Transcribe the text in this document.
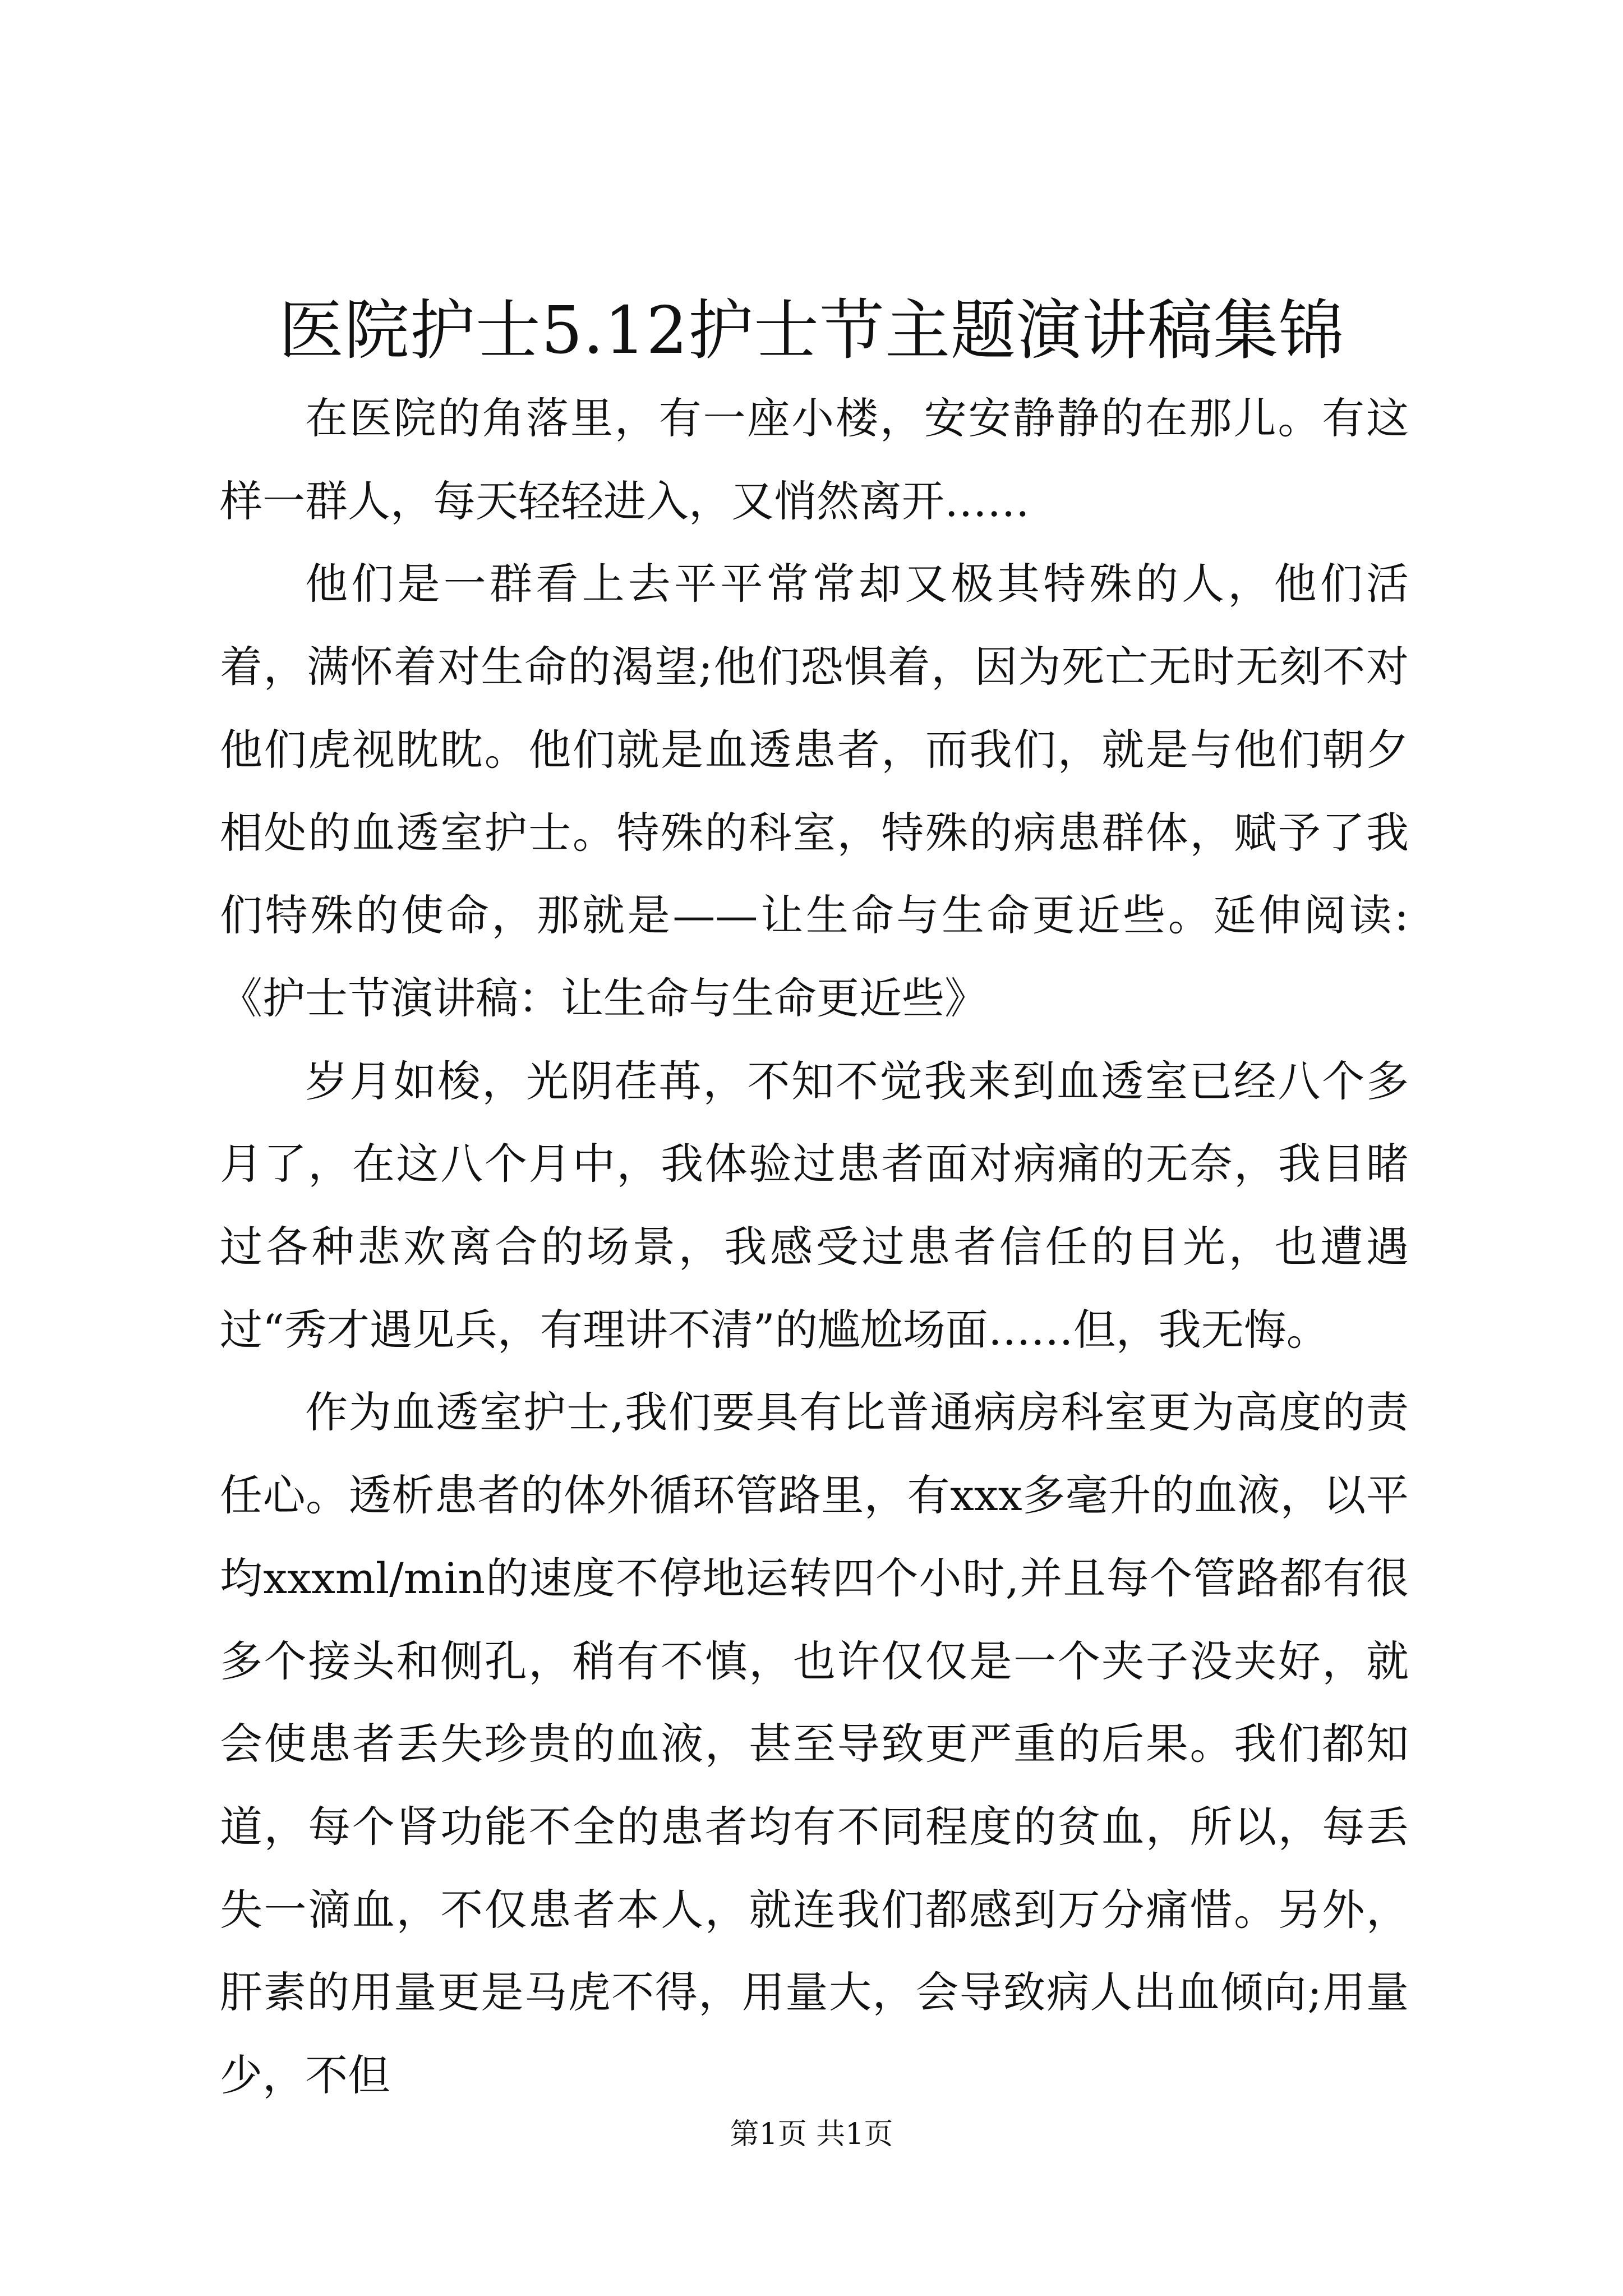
医院护士5.12护士节主题演讲稿集锦

在医院的角落里，有一座小楼，安安静静的在那儿。有这样一群人，每天轻轻进入，又悄然离开……

他们是一群看上去平平常常却又极其特殊的人，他们活着，满怀着对生命的渴望;他们恐惧着，因为死亡无时无刻不对他们虎视眈眈。他们就是血透患者，而我们，就是与他们朝夕相处的血透室护士。特殊的科室，特殊的病患群体，赋予了我们特殊的使命，那就是——让生命与生命更近些。延伸阅读:《护士节演讲稿：让生命与生命更近些》

岁月如梭，光阴荏苒，不知不觉我来到血透室已经八个多月了，在这八个月中，我体验过患者面对病痛的无奈，我目睹过各种悲欢离合的场景，我感受过患者信任的目光，也遭遇过“秀才遇见兵，有理讲不清”的尴尬场面……但，我无悔。

作为血透室护士,我们要具有比普通病房科室更为高度的责任心。透析患者的体外循环管路里，有xxx多毫升的血液，以平均xxxml/min的速度不停地运转四个小时,并且每个管路都有很多个接头和侧孔，稍有不慎，也许仅仅是一个夹子没夹好，就会使患者丢失珍贵的血液，甚至导致更严重的后果。我们都知道，每个肾功能不全的患者均有不同程度的贫血，所以，每丢失一滴血，不仅患者本人，就连我们都感到万分痛惜。另外，肝素的用量更是马虎不得，用量大，会导致病人出血倾向;用量少，不但

第1页 共1页
